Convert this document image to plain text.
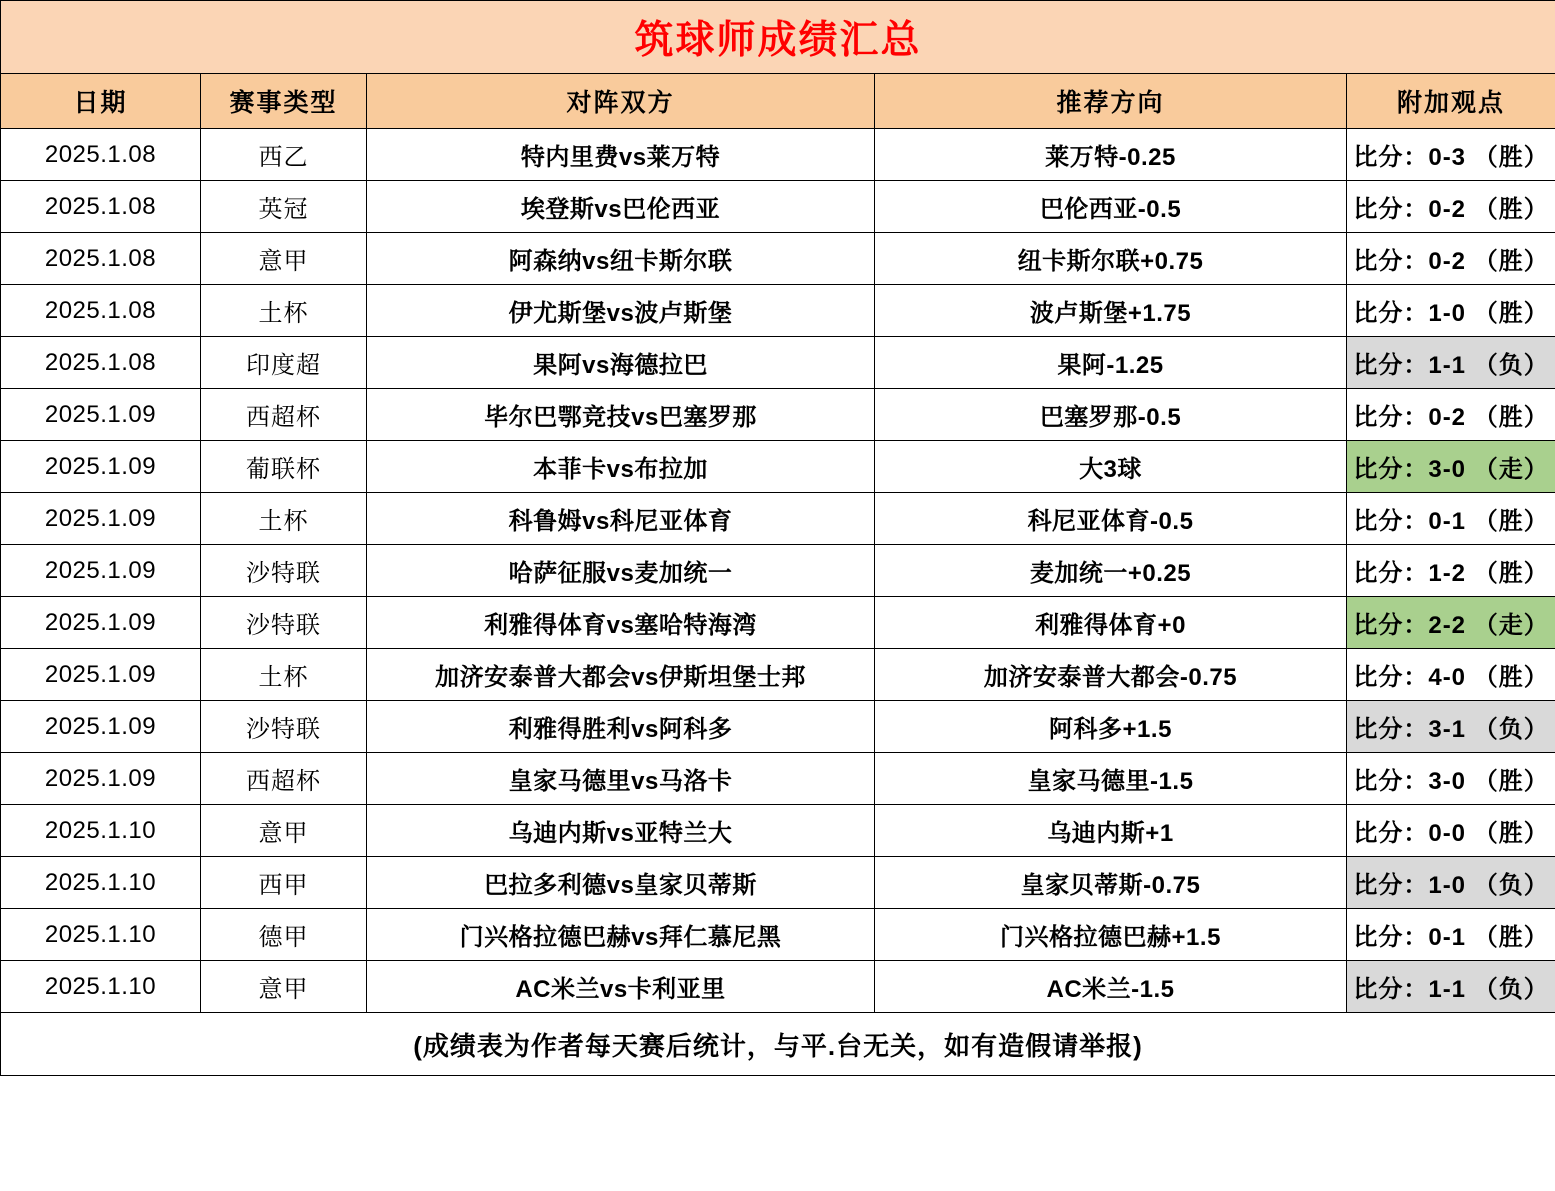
筑球师成绩汇总				
日期	赛事类型	对阵双方	推荐方向	附加观点
2025.1.08	西乙	特内里费vs莱万特	莱万特-0.25	比分：0-3 （胜）
2025.1.08	英冠	埃登斯vs巴伦西亚	巴伦西亚-0.5	比分：0-2 （胜）
2025.1.08	意甲	阿森纳vs纽卡斯尔联	纽卡斯尔联+0.75	比分：0-2 （胜）
2025.1.08	土杯	伊尤斯堡vs波卢斯堡	波卢斯堡+1.75	比分：1-0 （胜）
2025.1.08	印度超	果阿vs海德拉巴	果阿-1.25	比分：1-1 （负）
2025.1.09	西超杯	毕尔巴鄂竞技vs巴塞罗那	巴塞罗那-0.5	比分：0-2 （胜）
2025.1.09	葡联杯	本菲卡vs布拉加	大3球	比分：3-0 （走）
2025.1.09	土杯	科鲁姆vs科尼亚体育	科尼亚体育-0.5	比分：0-1 （胜）
2025.1.09	沙特联	哈萨征服vs麦加统一	麦加统一+0.25	比分：1-2 （胜）
2025.1.09	沙特联	利雅得体育vs塞哈特海湾	利雅得体育+0	比分：2-2 （走）
2025.1.09	土杯	加济安泰普大都会vs伊斯坦堡士邦	加济安泰普大都会-0.75	比分：4-0 （胜）
2025.1.09	沙特联	利雅得胜利vs阿科多	阿科多+1.5	比分：3-1 （负）
2025.1.09	西超杯	皇家马德里vs马洛卡	皇家马德里-1.5	比分：3-0 （胜）
2025.1.10	意甲	乌迪内斯vs亚特兰大	乌迪内斯+1	比分：0-0 （胜）
2025.1.10	西甲	巴拉多利德vs皇家贝蒂斯	皇家贝蒂斯-0.75	比分：1-0 （负）
2025.1.10	德甲	门兴格拉德巴赫vs拜仁慕尼黑	门兴格拉德巴赫+1.5	比分：0-1 （胜）
2025.1.10	意甲	AC米兰vs卡利亚里	AC米兰-1.5	比分：1-1 （负）
(成绩表为作者每天赛后统计，与平.台无关，如有造假请举报)				
